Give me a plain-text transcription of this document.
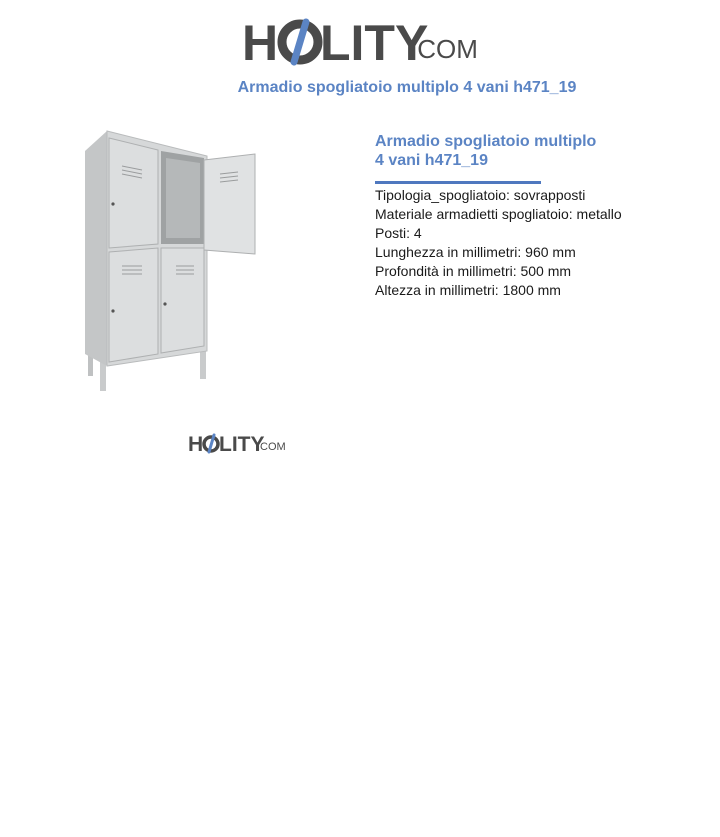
H LITY
.COM
Armadio spogliatoio multiplo 4 vani h471_19
Armadio spogliatoio multiplo
4 vani h471_19
Tipologia_spogliatoio: sovrapposti
Materiale armadietti spogliatoio: metallo
Posti: 4
Lunghezza in millimetri: 960 mm
Profondità in millimetri: 500 mm
Altezza in millimetri: 1800 mm
H LITY
.COM
